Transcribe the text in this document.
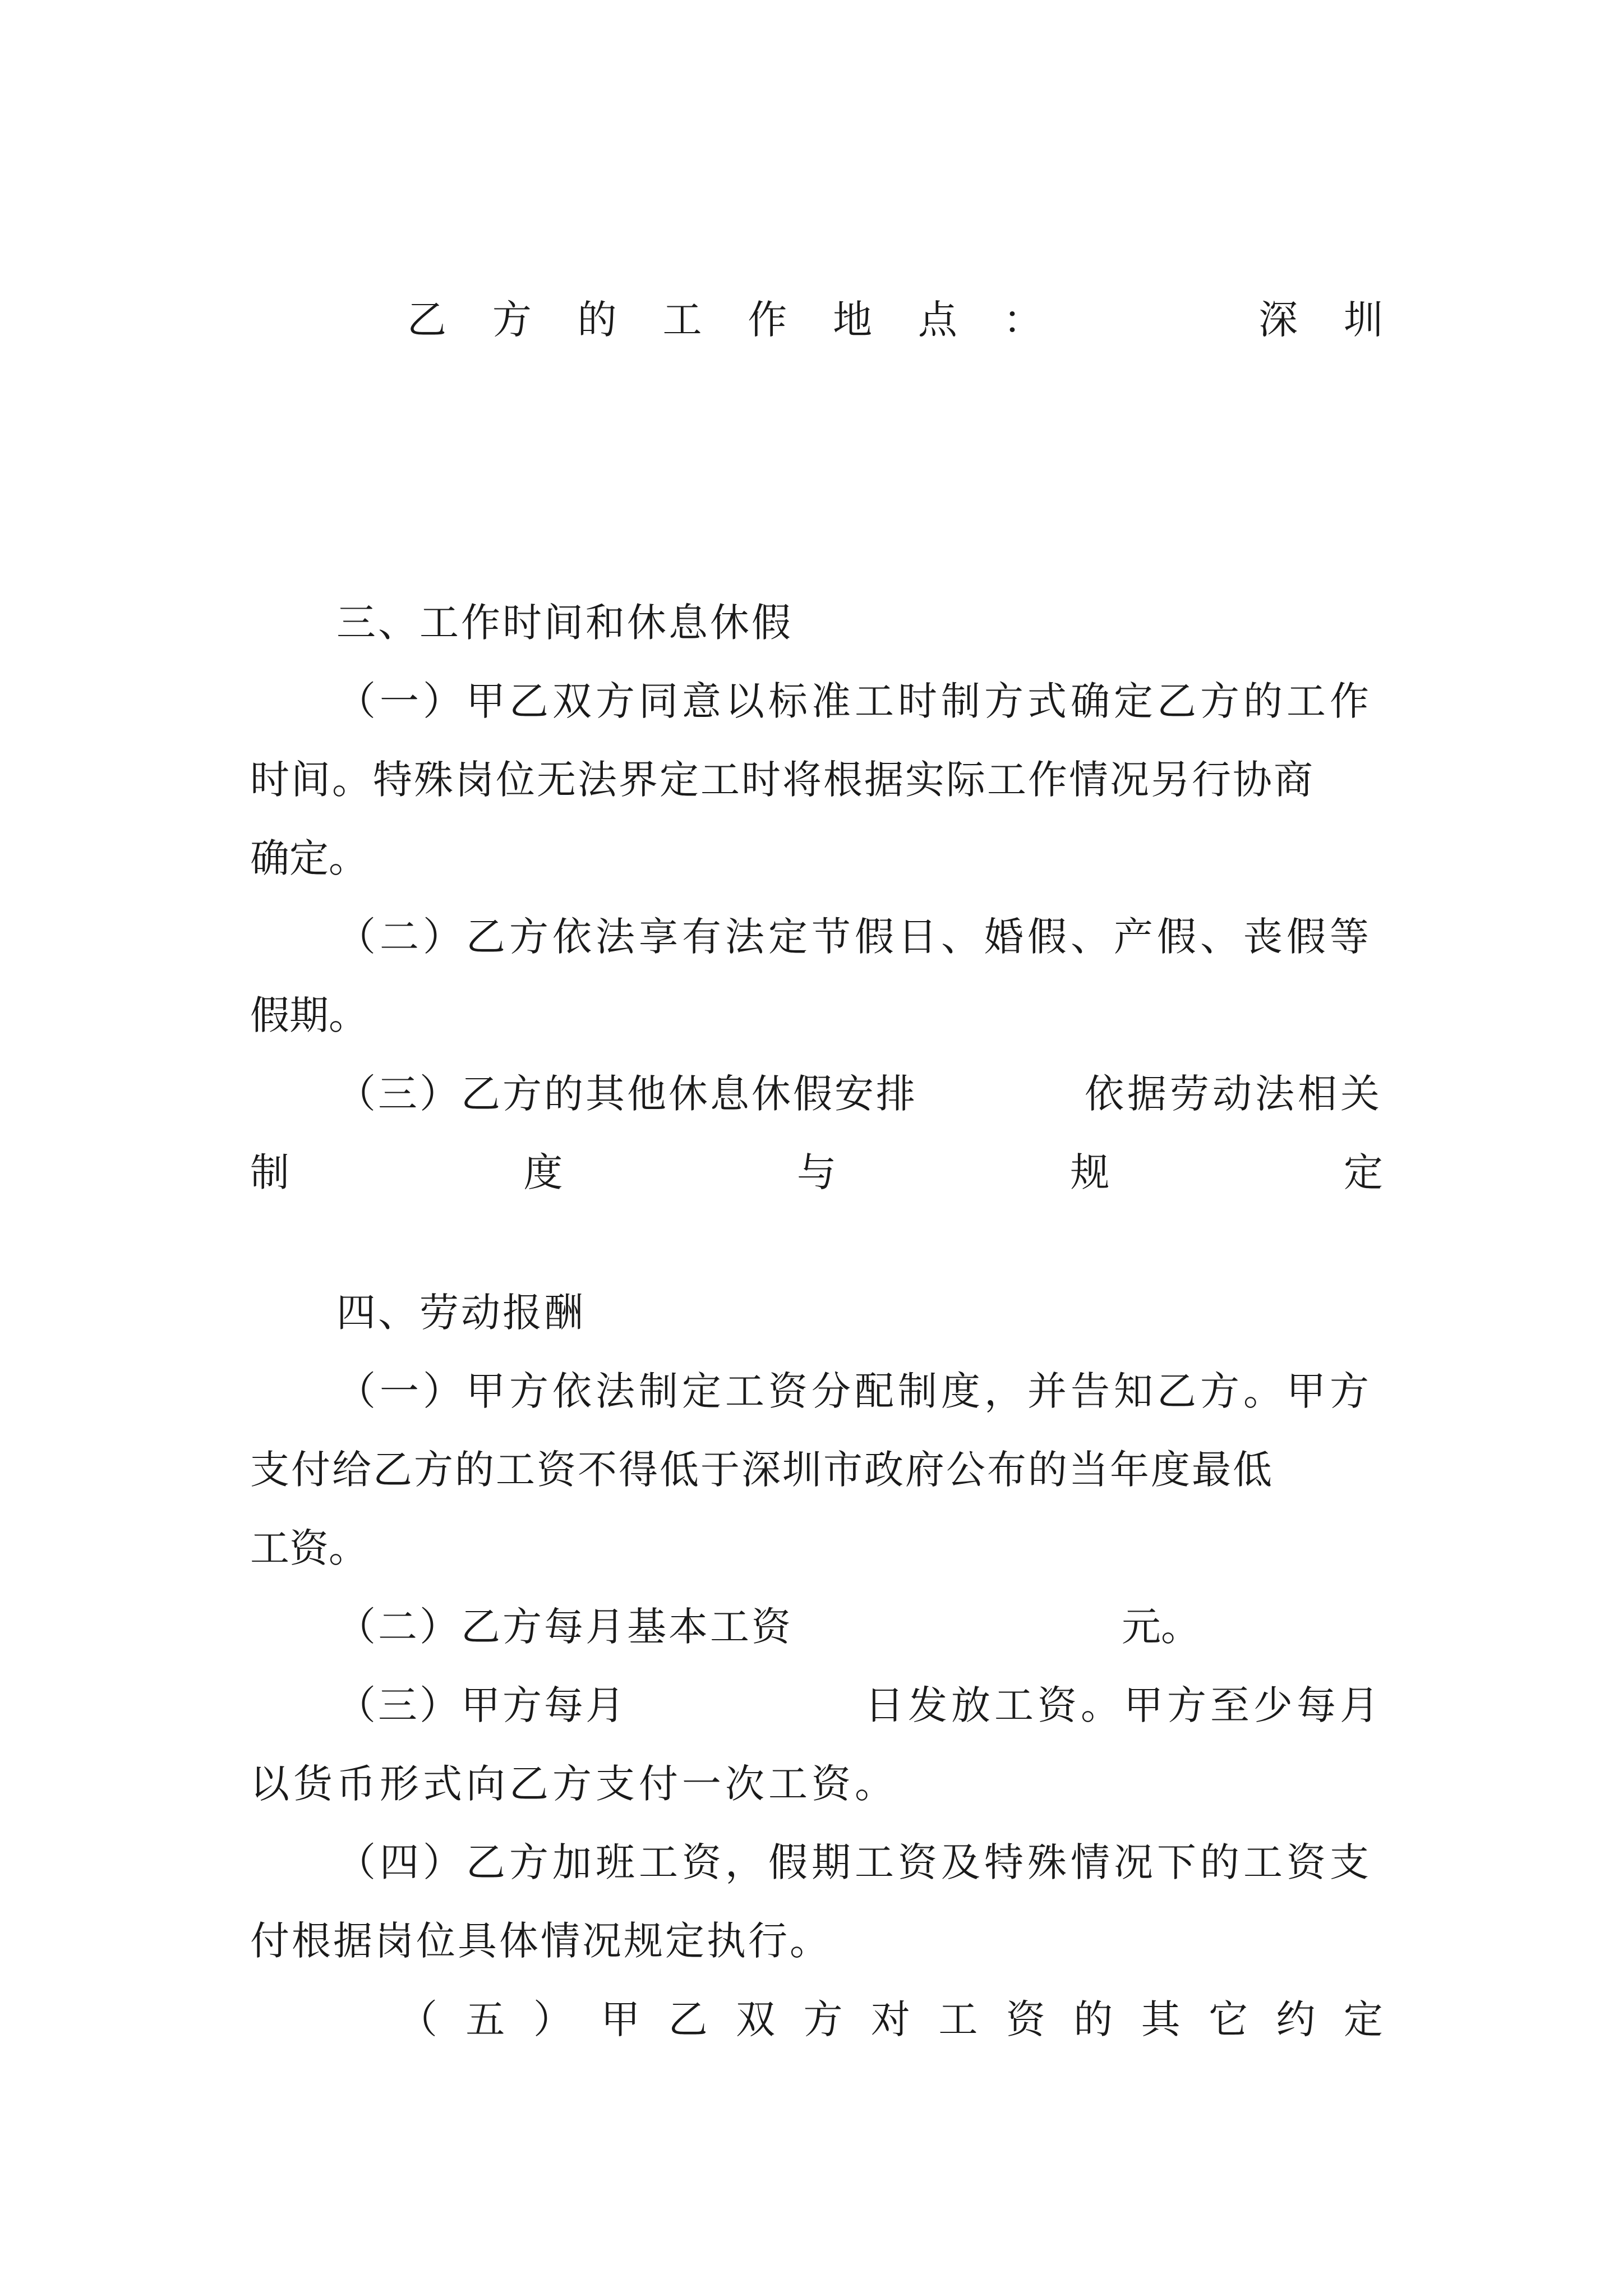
乙 方 的 工 作 地 点 ：	深 圳
三、工作时间和休息休假
（一）甲乙双方同意以标准工时制方式确定乙方的工作
时间。特殊岗位无法界定工时将根据实际工作情况另行协商
确定。
（二）乙方依法享有法定节假日、婚假、产假、丧假等
假期。
（三）乙方的其他休息休假安排	依据劳动法相关
制	度	与	规	定
四、劳动报酬
（一）甲方依法制定工资分配制度，并告知乙方。甲方
支付给乙方的工资不得低于深圳市政府公布的当年度最低
工资。
（二）乙方每月基本工资	元。
（三）甲方每月	日发放工资。甲方至少每月
以货币形式向乙方支付一次工资。
（四）乙方加班工资，假期工资及特殊情况下的工资支
付根据岗位具体情况规定执行。
（ 五 ） 甲 乙 双 方 对 工 资 的 其 它 约 定
